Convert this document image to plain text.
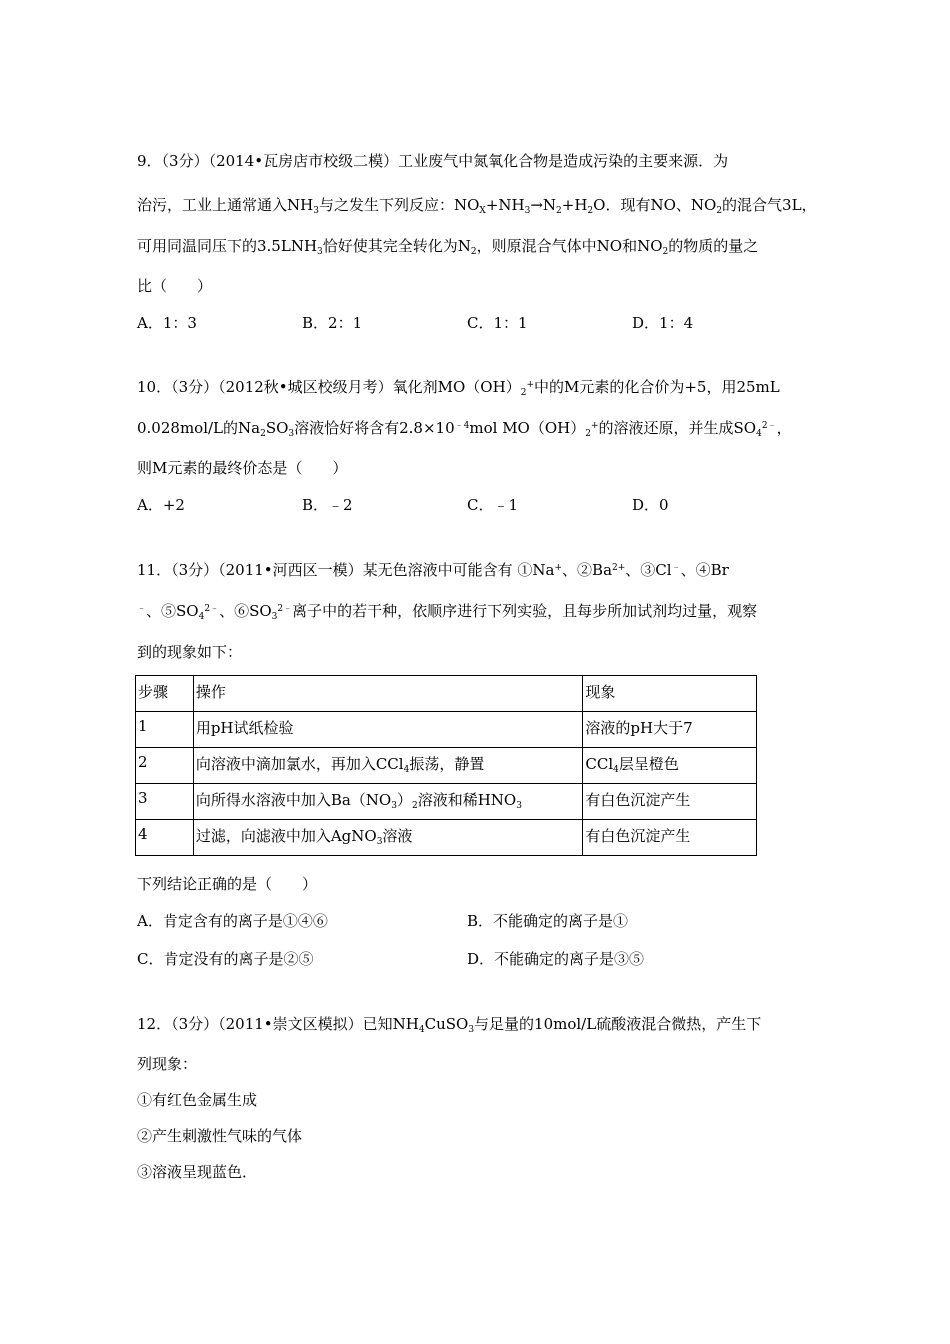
9．（3分）（2014•瓦房店市校级二模）工业废气中氮氧化合物是造成污染的主要来源．为
治污，工业上通常通入$NH_3$与之发生下列反应：$NO_X+NH_3\to N_2+H_2O$．现有NO、$NO_2$的混合气3L，
可用同温同压下的$3.5LNH_3$恰好使其完全转化为$N_2$，则原混合气体中NO和$NO_2$的物质的量之
比（　　）
A．1：3	B．2：1	C．1：1	D．1：4
10．（3分）（2012秋•城区校级月考）氧化剂$MO(OH)_2^+$中的M元素的化合价为+5，用25mL
0.028mol/L的$Na_2SO_3$溶液恰好将含有$2.8\times 10^{﹣4}mol$ $MO(OH)_2^+$的溶液还原，并生成$SO_4^{2﹣}$，
则M元素的最终价态是（　　）
A．+2	B．﹣2	C．﹣1	D．0
11．（3分）（2011•河西区一模）某无色溶液中可能含有 ①Na+、$②Ba^{2+}$、③Cl﹣、④Br
﹣、$⑤SO_4^{2﹣}$、$⑥SO_3^{2﹣}$离子中的若干种，依顺序进行下列实验，且每步所加试剂均过量，观察
到的现象如下：
步骤	操作	现象
1	用pH试纸检验	溶液的pH大于7
2	向溶液中滴加氯水，再加入CCl$_4$振荡，静置	CCl$_4$层呈橙色
3	向所得水溶液中加入$Ba(NO_3)_2$溶液和稀$HNO_3$	有白色沉淀产生
4	过滤，向滤液中加入AgNO$_3$溶液	有白色沉淀产生
下列结论正确的是（　　）
A．肯定含有的离子是①④⑥	B．不能确定的离子是①
C．肯定没有的离子是②⑤	D．不能确定的离子是③⑤
12．（3分）（2011•崇文区模拟）已知$NH_4CuSO_3$与足量的10mol/L硫酸液混合微热，产生下
列现象：
①有红色金属生成
②产生刺激性气味的气体
③溶液呈现蓝色．
